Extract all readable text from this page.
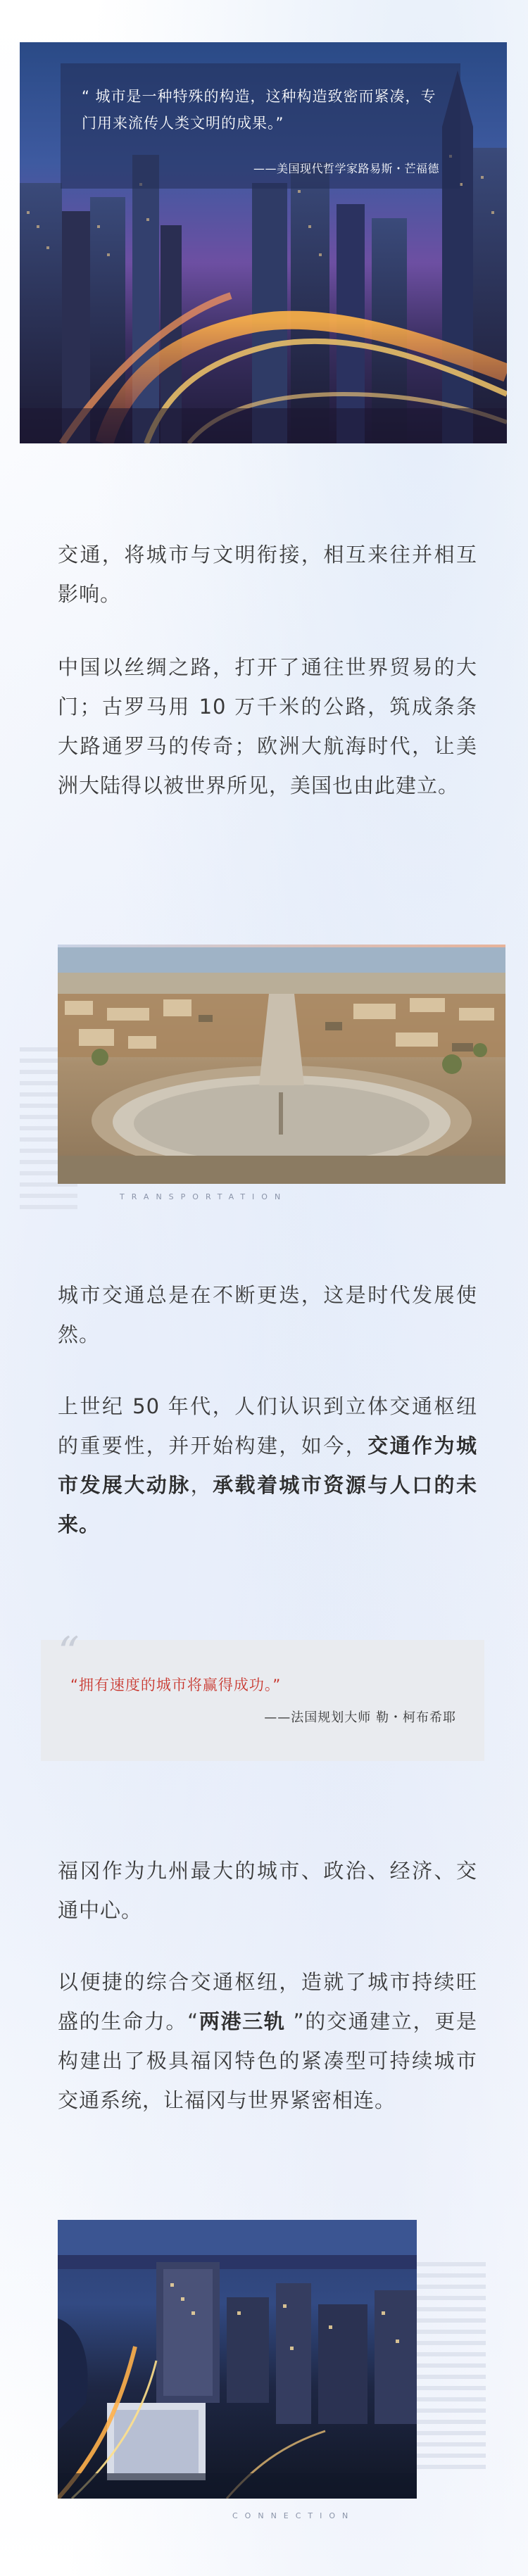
“ 城市是一种特殊的构造，这种构造致密而紧凑，专门用来流传人类文明的成果。”
——美国现代哲学家路易斯・芒福德
交通，将城市与文明衔接，相互来往并相互影响。
中国以丝绸之路，打开了通往世界贸易的大门；古罗马用 10 万千米的公路，筑成条条大路通罗马的传奇；欧洲大航海时代，让美洲大陆得以被世界所见，美国也由此建立。
TRANSPORTATION
城市交通总是在不断更迭，这是时代发展使然。
上世纪 50 年代，人们认识到立体交通枢纽的重要性，并开始构建，如今，交通作为城市发展大动脉，承载着城市资源与人口的未来。
“拥有速度的城市将赢得成功。”
——法国规划大师 勒・柯布希耶
“
福冈作为九州最大的城市、政治、经济、交通中心。
以便捷的综合交通枢纽，造就了城市持续旺盛的生命力。“两港三轨 ”的交通建立，更是构建出了极具福冈特色的紧凑型可持续城市交通系统，让福冈与世界紧密相连。
CONNECTION
